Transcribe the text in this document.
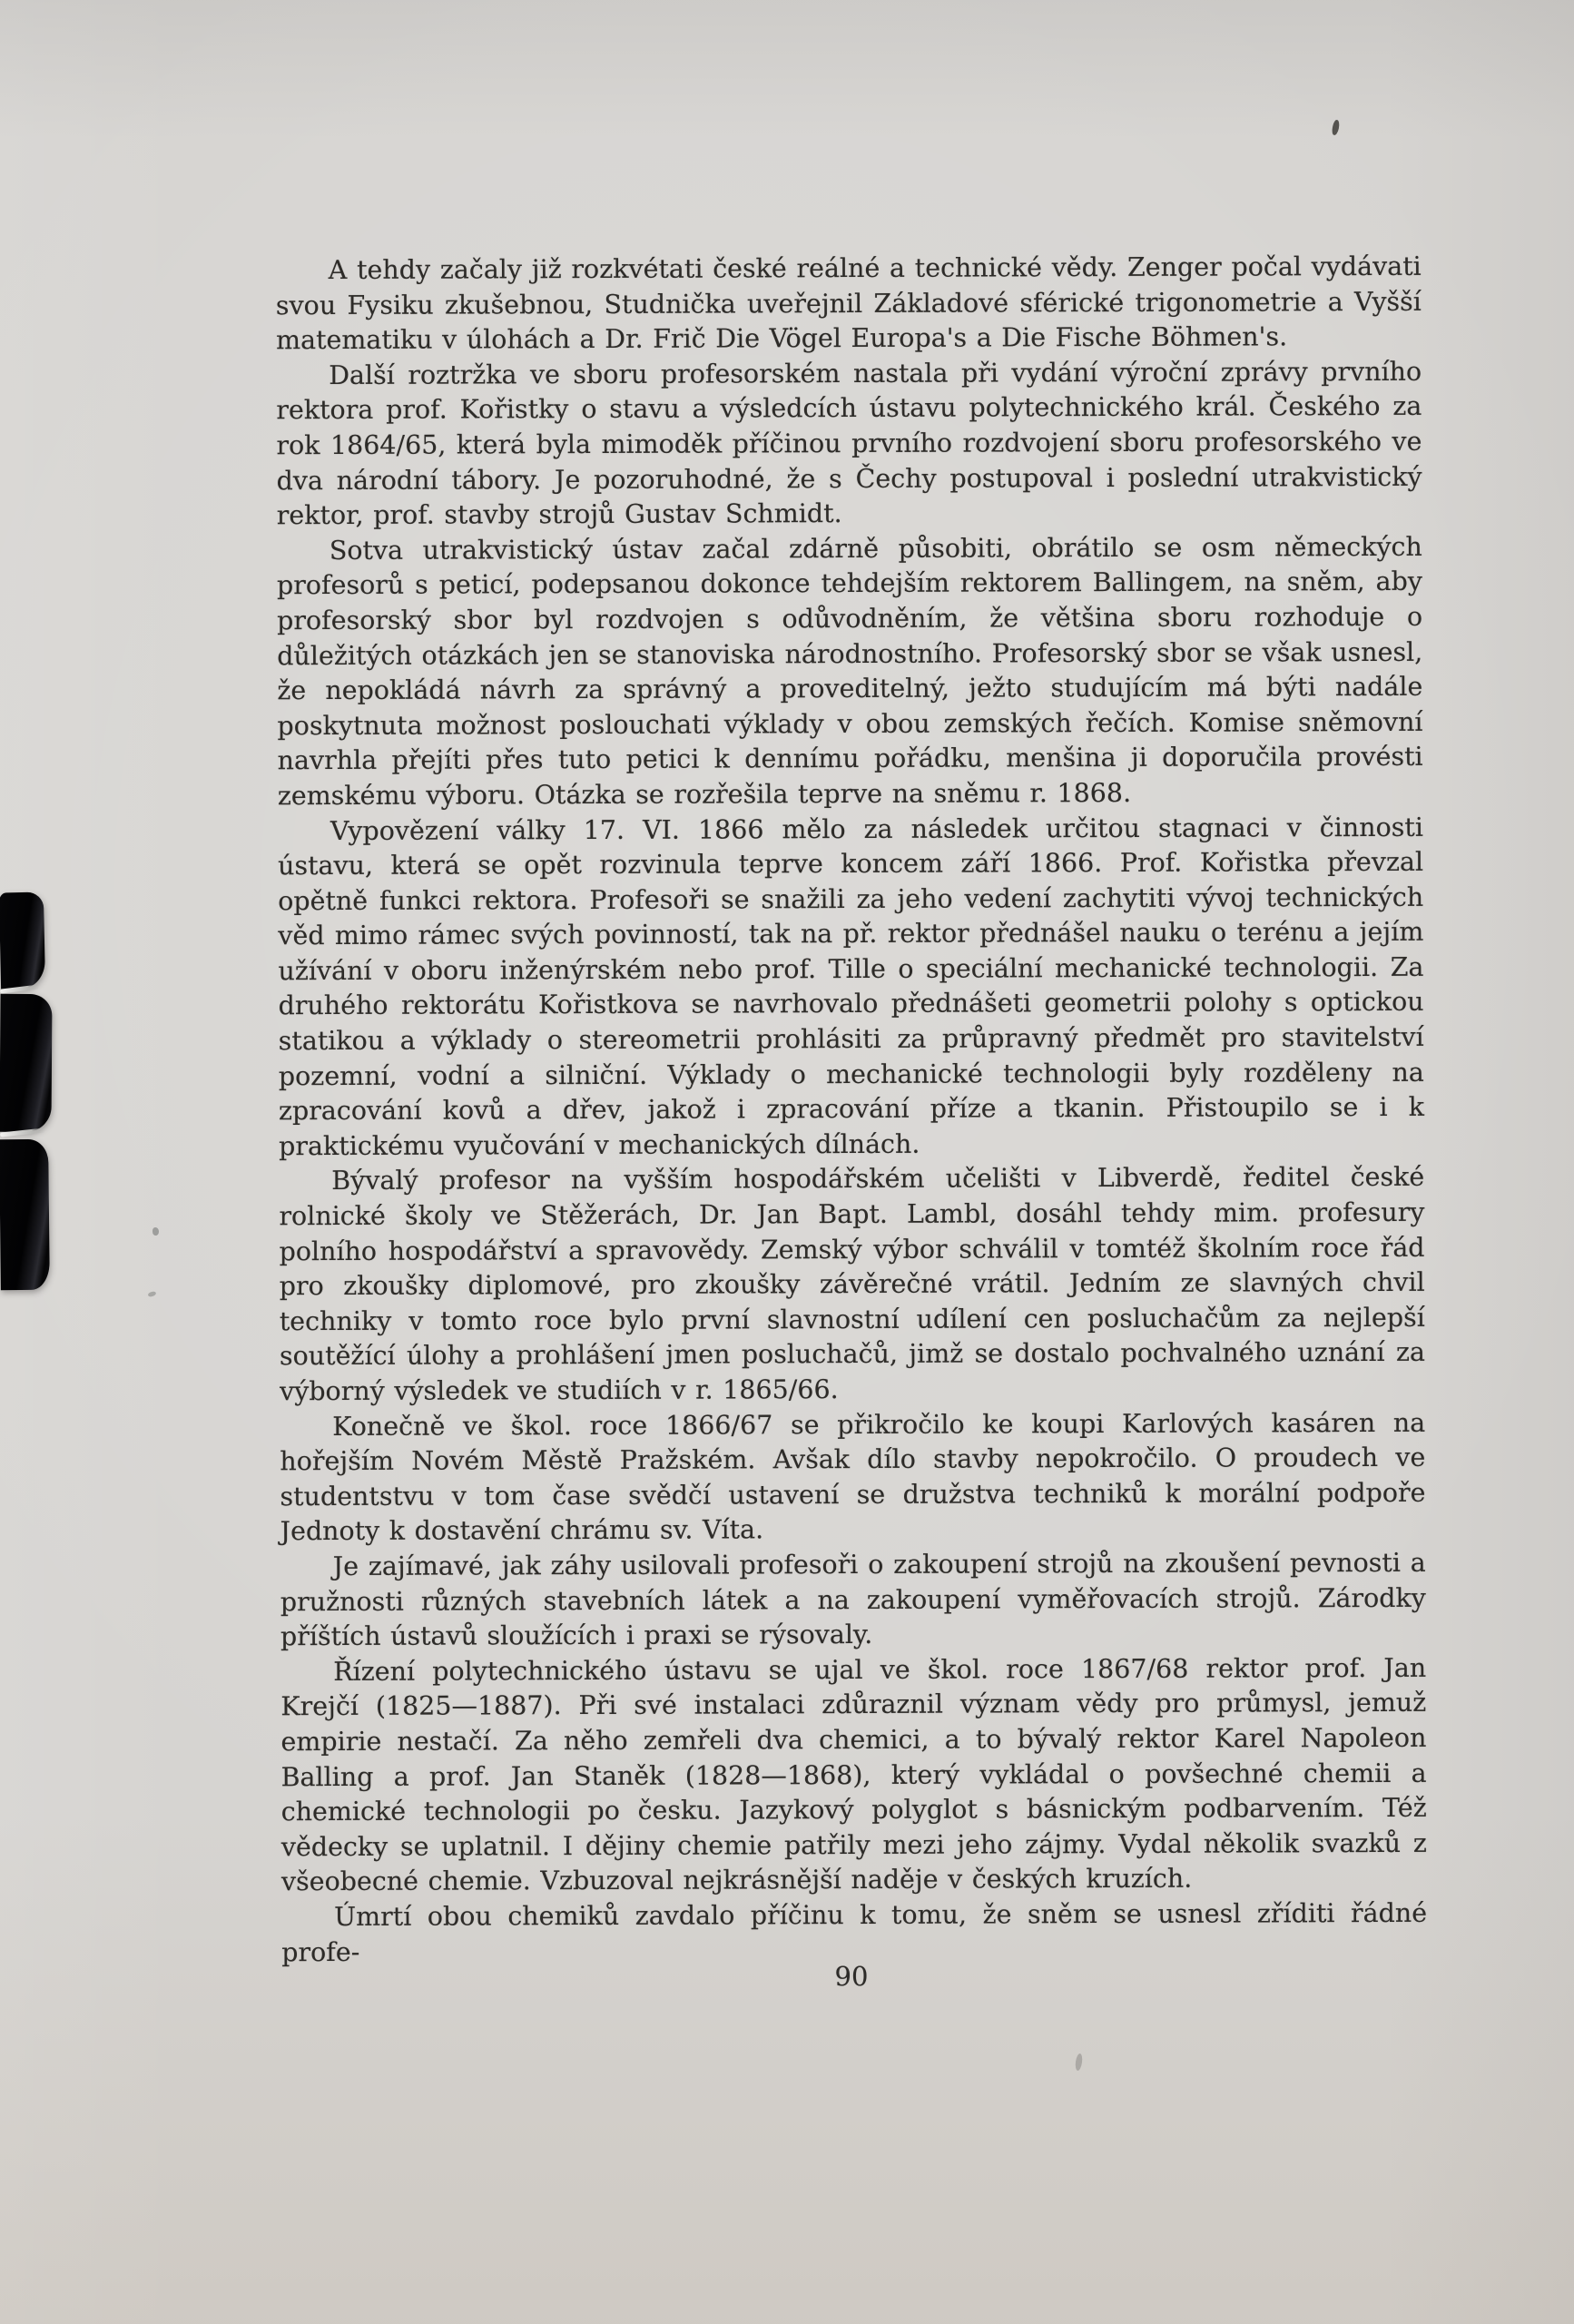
A tehdy začaly již rozkvétati české reálné a technické vědy. Zenger počal vydávati svou Fysiku zkušebnou, Studnička uveřejnil Základové sférické trigonometrie a Vyšší matematiku v úlohách a Dr. Frič Die Vögel Europa's a Die Fische Böhmen's.

Další roztržka ve sboru profesorském nastala při vydání výroční zprávy prvního rektora prof. Kořistky o stavu a výsledcích ústavu polytechnického král. Českého za rok 1864/65, která byla mimoděk příčinou prvního rozdvojení sboru profesorského ve dva národní tábory. Je pozoruhodné, že s Čechy postupoval i poslední utrakvistický rektor, prof. stavby strojů Gustav Schmidt.

Sotva utrakvistický ústav začal zdárně působiti, obrátilo se osm německých profesorů s peticí, podepsanou dokonce tehdejším rektorem Ballingem, na sněm, aby profesorský sbor byl rozdvojen s odůvodněním, že většina sboru rozhoduje o důležitých otázkách jen se stanoviska národnostního. Profesorský sbor se však usnesl, že nepokládá návrh za správný a proveditelný, ježto studujícím má býti nadále poskytnuta možnost poslouchati výklady v obou zemských řečích. Komise sněmovní navrhla přejíti přes tuto petici k dennímu pořádku, menšina ji doporučila provésti zemskému výboru. Otázka se rozřešila teprve na sněmu r. 1868.

Vypovězení války 17. VI. 1866 mělo za následek určitou stagnaci v činnosti ústavu, která se opět rozvinula teprve koncem září 1866. Prof. Kořistka převzal opětně funkci rektora. Profesoři se snažili za jeho vedení zachytiti vývoj technických věd mimo rámec svých povinností, tak na př. rektor přednášel nauku o terénu a jejím užívání v oboru inženýrském nebo prof. Tille o speciální mechanické technologii. Za druhého rektorátu Kořistkova se navrhovalo přednášeti geometrii polohy s optickou statikou a výklady o stereometrii prohlásiti za průpravný předmět pro stavitelství pozemní, vodní a silniční. Výklady o mechanické technologii byly rozděleny na zpracování kovů a dřev, jakož i zpracování příze a tkanin. Přistoupilo se i k praktickému vyučování v mechanických dílnách.

Bývalý profesor na vyšším hospodářském učelišti v Libverdě, ředitel české rolnické školy ve Stěžerách, Dr. Jan Bapt. Lambl, dosáhl tehdy mim. profesury polního hospodářství a spravovědy. Zemský výbor schválil v tomtéž školním roce řád pro zkoušky diplomové, pro zkoušky závěrečné vrátil. Jedním ze slavných chvil techniky v tomto roce bylo první slavnostní udílení cen posluchačům za nejlepší soutěžící úlohy a prohlášení jmen posluchačů, jimž se dostalo pochvalného uznání za výborný výsledek ve studiích v r. 1865/66.

Konečně ve škol. roce 1866/67 se přikročilo ke koupi Karlových kasáren na hořejším Novém Městě Pražském. Avšak dílo stavby nepokročilo. O proudech ve studentstvu v tom čase svědčí ustavení se družstva techniků k morální podpoře Jednoty k dostavění chrámu sv. Víta.

Je zajímavé, jak záhy usilovali profesoři o zakoupení strojů na zkoušení pevnosti a pružnosti různých stavebních látek a na zakoupení vyměřovacích strojů. Zárodky příštích ústavů sloužících i praxi se rýsovaly.

Řízení polytechnického ústavu se ujal ve škol. roce 1867/68 rektor prof. Jan Krejčí (1825—1887). Při své instalaci zdůraznil význam vědy pro průmysl, jemuž empirie nestačí. Za něho zemřeli dva chemici, a to bývalý rektor Karel Napoleon Balling a prof. Jan Staněk (1828—1868), který vykládal o povšechné chemii a chemické technologii po česku. Jazykový polyglot s básnickým podbarvením. Též vědecky se uplatnil. I dějiny chemie patřily mezi jeho zájmy. Vydal několik svazků z všeobecné chemie. Vzbuzoval nejkrásnější naděje v českých kruzích.

Úmrtí obou chemiků zavdalo příčinu k tomu, že sněm se usnesl zříditi řádné profe-

90
